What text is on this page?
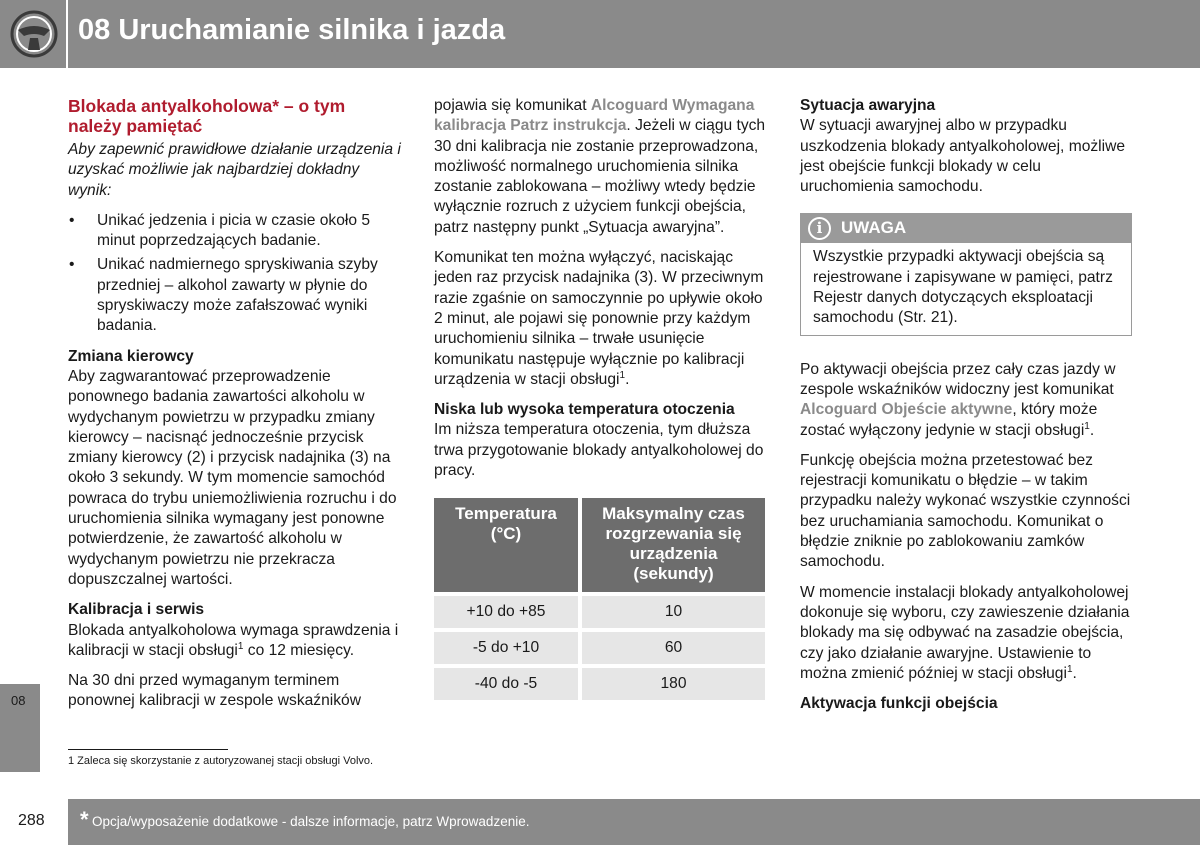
08 Uruchamianie silnika i jazda
Blokada antyalkoholowa* – o tym należy pamiętać

Aby zapewnić prawidłowe działanie urządzenia i uzyskać możliwie jak najbardziej dokładny wynik:

• Unikać jedzenia i picia w czasie około 5 minut poprzedzających badanie.
• Unikać nadmiernego spryskiwania szyby przedniej – alkohol zawarty w płynie do spryskiwaczy może zafałszować wyniki badania.
Zmiana kierowcy

Aby zagwarantować przeprowadzenie ponownego badania zawartości alkoholu w wydychanym powietrzu w przypadku zmiany kierowcy – nacisnąć jednocześnie przycisk zmiany kierowcy (2) i przycisk nadajnika (3) na około 3 sekundy. W tym momencie samochód powraca do trybu uniemożliwienia rozruchu i do uruchomienia silnika wymagany jest ponowne potwierdzenie, że zawartość alkoholu w wydychanym powietrzu nie przekracza dopuszczalnej wartości.

Kalibracja i serwis

Blokada antyalkoholowa wymaga sprawdzenia i kalibracji w stacji obsługi$^1$ co 12 miesięcy.

Na 30 dni przed wymaganym terminem ponownej kalibracji w zespole wskaźników

pojawia się komunikat Alcoguard Wymagana kalibracja Patrz instrukcja. Jeżeli w ciągu tych 30 dni kalibracja nie zostanie przeprowadzona, możliwość normalnego uruchomienia silnika zostanie zablokowana – możliwy wtedy będzie wyłącznie rozruch z użyciem funkcji obejścia, patrz następny punkt „Sytuacja awaryjna”.

Komunikat ten można wyłączyć, naciskając jeden raz przycisk nadajnika (3). W przeciwnym razie zgaśnie on samoczynnie po upływie około 2 minut, ale pojawi się ponownie przy każdym uruchomieniu silnika – trwałe usunięcie komunikatu następuje wyłącznie po kalibracji urządzenia w stacji obsługi$^1$.

Niska lub wysoka temperatura otoczenia

Im niższa temperatura otoczenia, tym dłuższa trwa przygotowanie blokady antyalkoholowej do pracy.

Temperatura (°C)	Maksymalny czas rozgrzewania się urządzenia (sekundy)
+10 do +85	10
-5 do +10	60
-40 do -5	180
Sytuacja awaryjna

W sytuacji awaryjnej albo w przypadku uszkodzenia blokady antyalkoholowej, możliwe jest obejście funkcji blokady w celu uruchomienia samochodu.

i	UWAGA
Wszystkie przypadki aktywacji obejścia są rejestrowane i zapisywane w pamięci, patrz Rejestr danych dotyczących eksploatacji samochodu (Str. 21).

Po aktywacji obejścia przez cały czas jazdy w zespole wskaźników widoczny jest komunikat Alcoguard Objeście aktywne, który może zostać wyłączony jedynie w stacji obsługi$^1$.

Funkcję obejścia można przetestować bez rejestracji komunikatu o błędzie – w takim przypadku należy wykonać wszystkie czynności bez uruchamiania samochodu. Komunikat o błędzie zniknie po zablokowaniu zamków samochodu.

W momencie instalacji blokady antyalkoholowej dokonuje się wyboru, czy zawieszenie działania blokady ma się odbywać na zasadzie obejścia, czy jako działanie awaryjne. Ustawienie to można zmienić później w stacji obsługi$^1$.

Aktywacja funkcji obejścia
08
1 Zaleca się skorzystanie z autoryzowanej stacji obsługi Volvo.
288 * Opcja/wyposażenie dodatkowe - dalsze informacje, patrz Wprowadzenie.
